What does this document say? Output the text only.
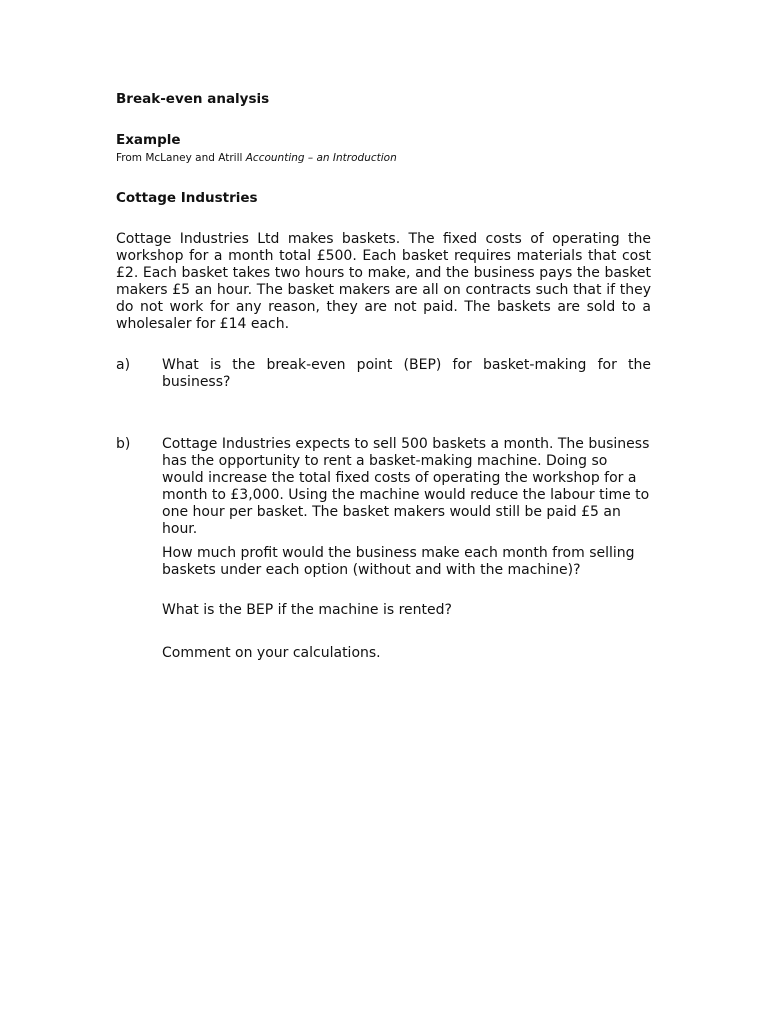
Break-even analysis
Example

From McLaney and Atrill Accounting – an Introduction

Cottage Industries

Cottage Industries Ltd makes baskets. The fixed costs of operating the workshop for a month total £500. Each basket requires materials that cost £2. Each basket takes two hours to make, and the business pays the basket makers £5 an hour. The basket makers are all on contracts such that if they do not work for any reason, they are not paid. The baskets are sold to a wholesaler for £14 each.

a) What is the break-even point (BEP) for basket-making for the business?

b) Cottage Industries expects to sell 500 baskets a month. The business has the opportunity to rent a basket-making machine. Doing so would increase the total fixed costs of operating the workshop for a month to £3,000. Using the machine would reduce the labour time to one hour per basket. The basket makers would still be paid £5 an hour.

How much profit would the business make each month from selling baskets under each option (without and with the machine)?

What is the BEP if the machine is rented?

Comment on your calculations.
